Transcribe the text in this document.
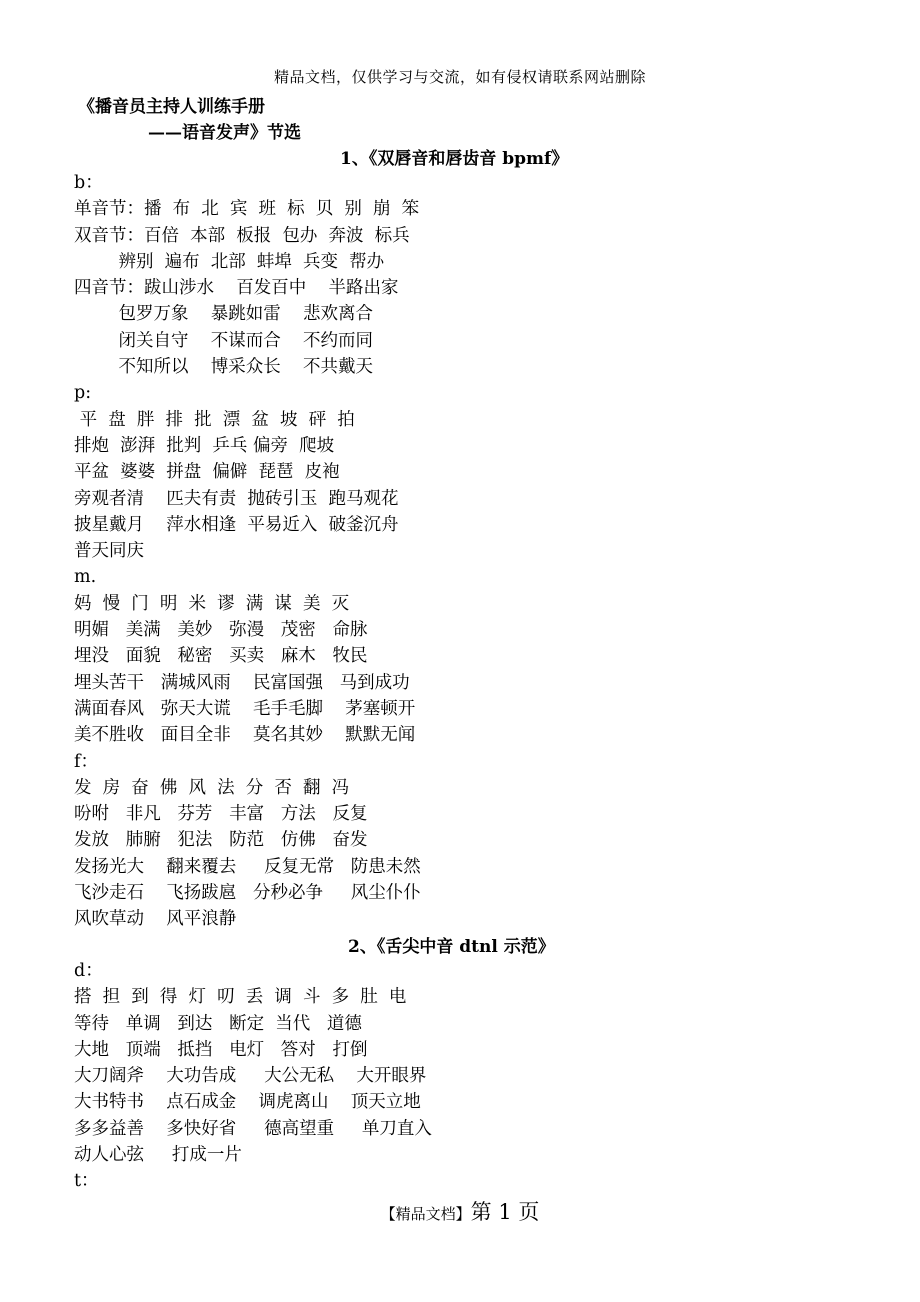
精品文档，仅供学习与交流，如有侵权请联系网站删除
《播音员主持人训练手册
——语音发声》节选
1、《双唇音和唇齿音 bpmf》
b：
单音节：播  布  北  宾  班  标  贝  别  崩  笨
双音节：百倍  本部  板报  包办  奔波  标兵
辨别  遍布  北部  蚌埠  兵变  帮办
四音节：跋山涉水    百发百中    半路出家
包罗万象    暴跳如雷    悲欢离合
闭关自守    不谋而合    不约而同
不知所以    博采众长    不共戴天
p:
平  盘  胖  排  批  漂  盆  坡  砰  拍
排炮  澎湃  批判  乒乓 偏旁  爬坡
平盆  婆婆  拼盘  偏僻  琵琶  皮袍
旁观者清    匹夫有责  抛砖引玉  跑马观花
披星戴月    萍水相逢  平易近入  破釜沉舟
普天同庆
m.
妈  慢  门  明  米  谬  满  谋  美  灭
明媚   美满   美妙   弥漫   茂密   命脉
埋没   面貌   秘密   买卖   麻木   牧民
埋头苦干   满城风雨    民富国强   马到成功
满面春风   弥天大谎    毛手毛脚    茅塞顿开
美不胜收   面目全非    莫名其妙    默默无闻
f：
发  房  奋  佛  风  法  分  否  翻  冯
吩咐   非凡   芬芳   丰富   方法   反复
发放   肺腑   犯法   防范   仿佛   奋发
发扬光大    翻来覆去     反复无常   防患未然
飞沙走石    飞扬跋扈   分秒必争     风尘仆仆
风吹草动    风平浪静
2、《舌尖中音 dtnl 示范》
d：
搭  担  到  得  灯  叨  丢  调  斗  多  肚  电
等待   单调   到达   断定  当代   道德
大地   顶端   抵挡   电灯   答对   打倒
大刀阔斧    大功告成     大公无私    大开眼界
大书特书    点石成金    调虎离山    顶天立地
多多益善    多快好省     德高望重     单刀直入
动人心弦     打成一片
t：
【精品文档】第 1 页
